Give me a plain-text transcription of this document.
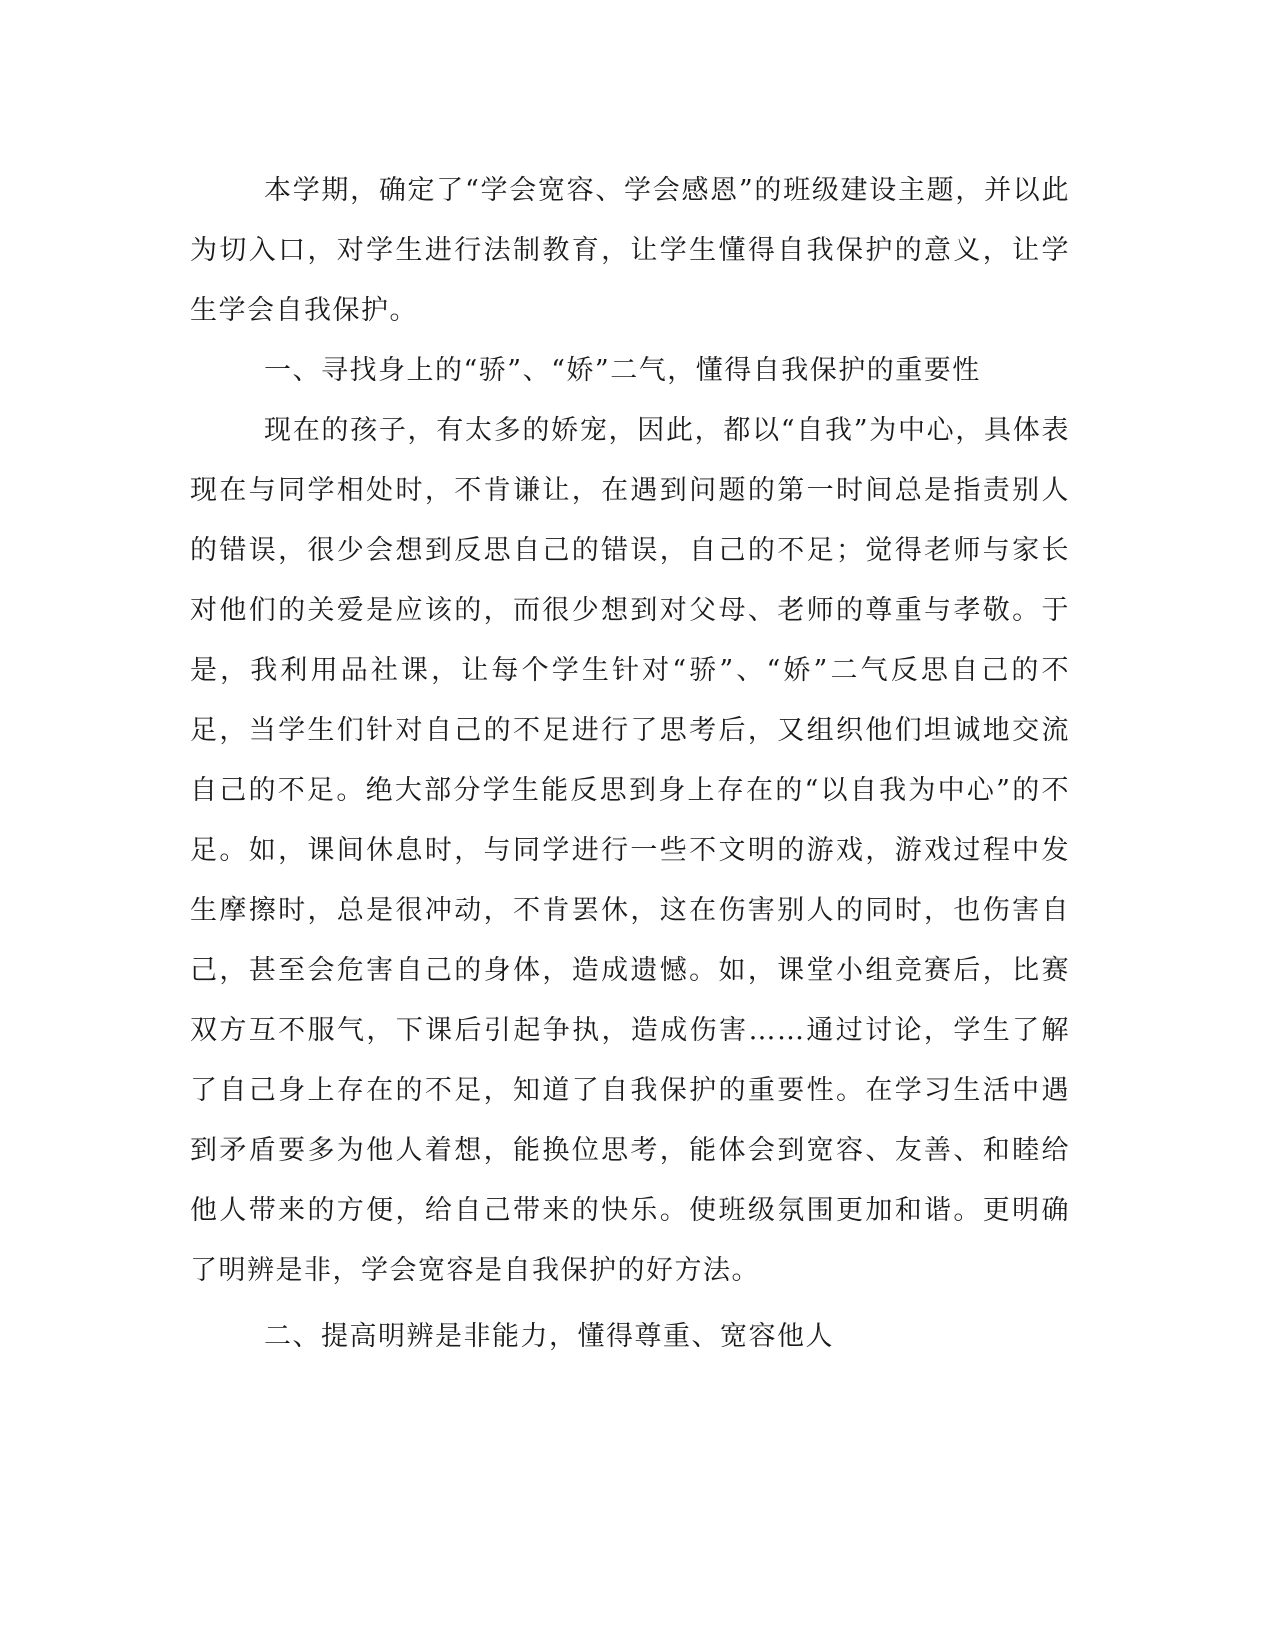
本学期，确定了“学会宽容、学会感恩”的班级建设主题，并以此为切入口，对学生进行法制教育，让学生懂得自我保护的意义，让学生学会自我保护。

一、寻找身上的“骄”、“娇”二气，懂得自我保护的重要性

现在的孩子，有太多的娇宠，因此，都以“自我”为中心，具体表现在与同学相处时，不肯谦让，在遇到问题的第一时间总是指责别人的错误，很少会想到反思自己的错误，自己的不足；觉得老师与家长对他们的关爱是应该的，而很少想到对父母、老师的尊重与孝敬。于是，我利用品社课，让每个学生针对“骄”、“娇”二气反思自己的不足，当学生们针对自己的不足进行了思考后，又组织他们坦诚地交流自己的不足。绝大部分学生能反思到身上存在的“以自我为中心”的不足。如，课间休息时，与同学进行一些不文明的游戏，游戏过程中发生摩擦时，总是很冲动，不肯罢休，这在伤害别人的同时，也伤害自己，甚至会危害自己的身体，造成遗憾。如，课堂小组竞赛后，比赛双方互不服气，下课后引起争执，造成伤害……通过讨论，学生了解了自己身上存在的不足，知道了自我保护的重要性。在学习生活中遇到矛盾要多为他人着想，能换位思考，能体会到宽容、友善、和睦给他人带来的方便，给自己带来的快乐。使班级氛围更加和谐。更明确了明辨是非，学会宽容是自我保护的好方法。

二、提高明辨是非能力，懂得尊重、宽容他人
